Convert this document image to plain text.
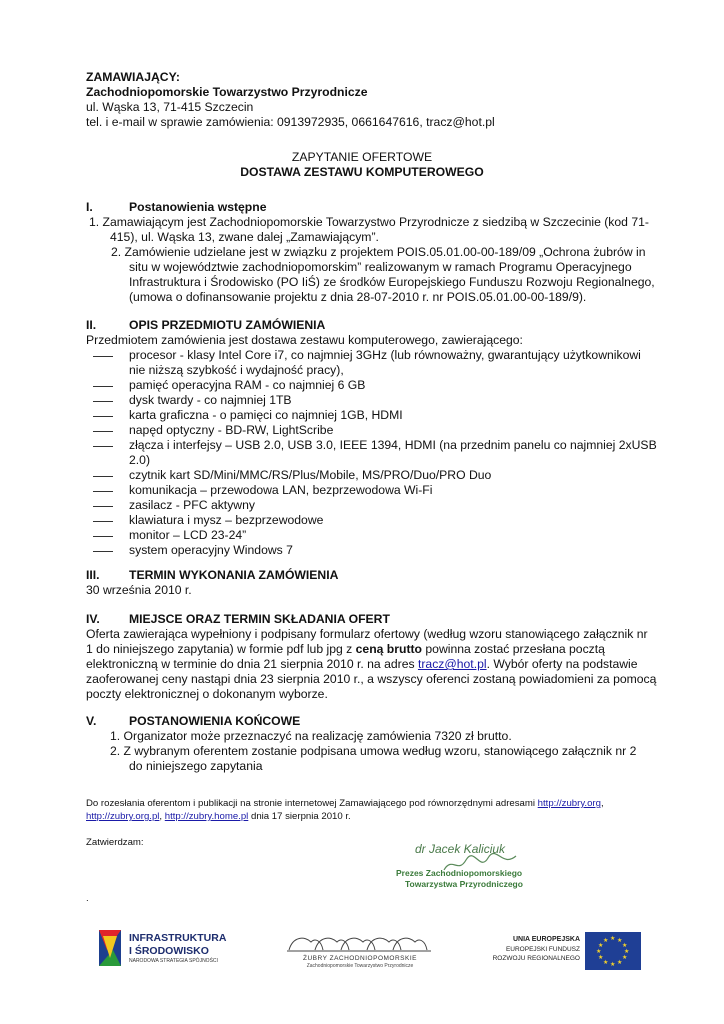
ZAMAWIAJĄCY:
Zachodniopomorskie Towarzystwo Przyrodnicze
ul. Wąska 13, 71-415 Szczecin
tel. i e-mail w sprawie zamówienia: 0913972935, 0661647616, tracz@hot.pl
ZAPYTANIE OFERTOWE
DOSTAWA ZESTAWU KOMPUTEROWEGO
I.	Postanowienia wstępne
1. Zamawiającym jest Zachodniopomorskie Towarzystwo Przyrodnicze z siedzibą w Szczecinie (kod 71-
415), ul. Wąska 13, zwane dalej „Zamawiającym”.
2. Zamówienie udzielane jest w związku z projektem POIS.05.01.00-00-189/09 „Ochrona żubrów in
situ w województwie zachodniopomorskim” realizowanym w ramach Programu Operacyjnego
Infrastruktura i Środowisko (PO IiŚ) ze środków Europejskiego Funduszu Rozwoju Regionalnego,
(umowa o dofinansowanie projektu z dnia 28-07-2010 r. nr POIS.05.01.00-00-189/9).
II.	OPIS PRZEDMIOTU ZAMÓWIENIA
Przedmiotem zamówienia jest dostawa zestawu komputerowego, zawierającego:
procesor - klasy Intel Core i7, co najmniej 3GHz (lub równoważny, gwarantujący użytkownikowi
nie niższą szybkość i wydajność pracy),
pamięć operacyjna RAM - co najmniej 6 GB
dysk twardy - co najmniej 1TB
karta graficzna - o pamięci co najmniej 1GB, HDMI
napęd optyczny - BD-RW, LightScribe
złącza i interfejsy – USB 2.0, USB 3.0, IEEE 1394, HDMI (na przednim panelu co najmniej 2xUSB
2.0)
czytnik kart SD/Mini/MMC/RS/Plus/Mobile, MS/PRO/Duo/PRO Duo
komunikacja – przewodowa LAN, bezprzewodowa Wi-Fi
zasilacz - PFC aktywny
klawiatura i mysz – bezprzewodowe
monitor – LCD 23-24”
system operacyjny Windows 7
III. TERMIN WYKONANIA ZAMÓWIENIA
30 września 2010 r.
IV. MIEJSCE ORAZ TERMIN SKŁADANIA OFERT
Oferta zawierająca wypełniony i podpisany formularz ofertowy (według wzoru stanowiącego załącznik nr
1 do niniejszego zapytania) w formie pdf lub jpg z ceną brutto powinna zostać przesłana pocztą
elektroniczną w terminie do dnia 21 sierpnia 2010 r. na adres tracz@hot.pl. Wybór oferty na podstawie
zaoferowanej ceny nastąpi dnia 23 sierpnia 2010 r., a wszyscy oferenci zostaną powiadomieni za pomocą
poczty elektronicznej o dokonanym wyborze.
V.	POSTANOWIENIA KOŃCOWE
1. Organizator może przeznaczyć na realizację zamówienia 7320 zł brutto.
2. Z wybranym oferentem zostanie podpisana umowa według wzoru, stanowiącego załącznik nr 2
do niniejszego zapytania
Do rozesłania oferentom i publikacji na stronie internetowej Zamawiającego pod równorzędnymi adresami http://zubry.org,
http://zubry.org.pl, http://zubry.home.pl dnia 17 sierpnia 2010 r.
Zatwierdzam:
.
dr Jacek Kaliciuk
Prezes Zachodniopomorskiego
Towarzystwa Przyrodniczego
INFRASTRUKTURA
I ŚRODOWISKO
NARODOWA STRATEGIA SPÓJNOŚCI	ŻUBRY ZACHODNIOPOMORSKIE
Zachodniopomorskie Towarzystwo Przyrodnicze
UNIA EUROPEJSKA
EUROPEJSKI FUNDUSZ
ROZWOJU REGIONALNEGO
★ ★
★
★
★
★
★
★
★
★
★
★
